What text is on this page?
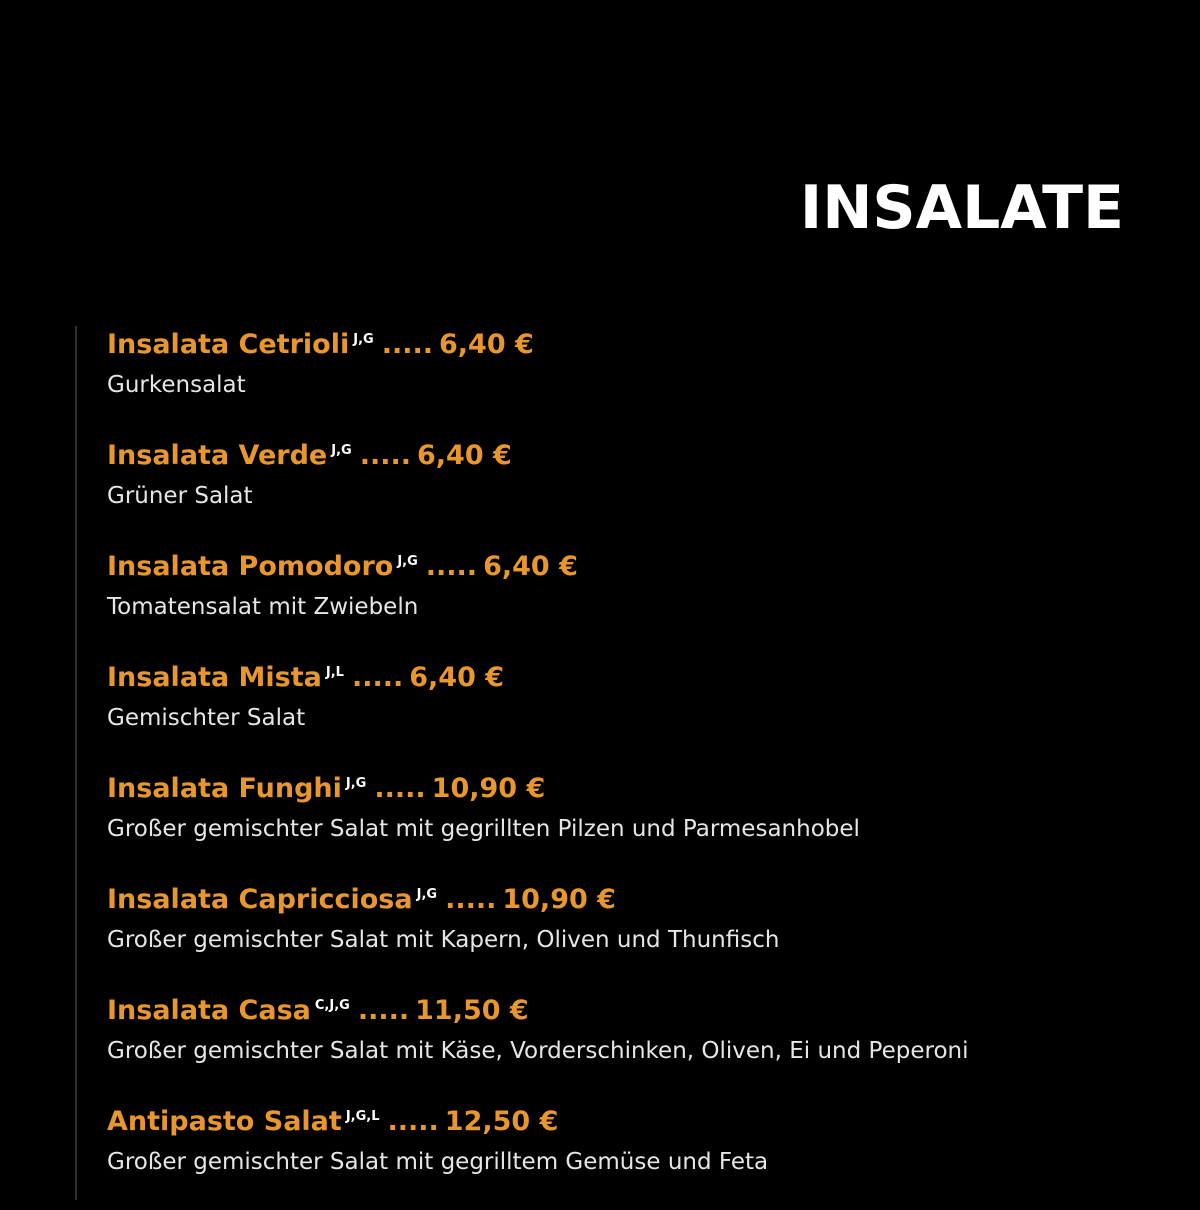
INSALATE
Insalata Cetrioli $^{J,G}$ ..... 6,40 €
Gurkensalat
Insalata Verde $^{J,G}$ ..... 6,40 €
Grüner Salat
Insalata Pomodoro $^{J,G}$ ..... 6,40 €
Tomatensalat mit Zwiebeln
Insalata Mista $^{J,L}$ ..... 6,40 €
Gemischter Salat
Insalata Funghi $^{J,G}$ ..... 10,90 €
Großer gemischter Salat mit gegrillten Pilzen und Parmesanhobel
Insalata Capricciosa $^{J,G}$ ..... 10,90 €
Großer gemischter Salat mit Kapern, Oliven und Thunfisch
Insalata Casa $^{C,J,G}$ ..... 11,50 €
Großer gemischter Salat mit Käse, Vorderschinken, Oliven, Ei und Peperoni
Antipasto Salat $^{J,G,L}$ ..... 12,50 €
Großer gemischter Salat mit gegrilltem Gemüse und Feta
